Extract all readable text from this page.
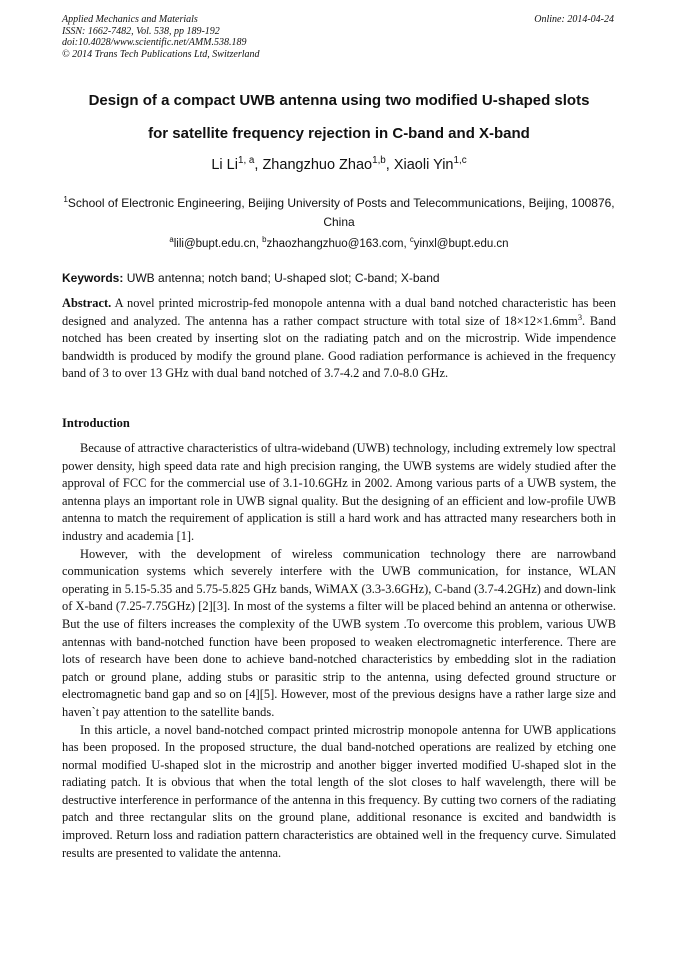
Applied Mechanics and Materials
ISSN: 1662-7482, Vol. 538, pp 189-192
doi:10.4028/www.scientific.net/AMM.538.189
© 2014 Trans Tech Publications Ltd, Switzerland
Online: 2014-04-24
Design of a compact UWB antenna using two modified U-shaped slots
for satellite frequency rejection in C-band and X-band
Li Li$^{1, a}$, Zhangzhuo Zhao$^{1,b}$, Xiaoli Yin$^{1,c}$
$^1$School of Electronic Engineering, Beijing University of Posts and Telecommunications, Beijing, 100876, China
$^a$lili@bupt.edu.cn, $^b$zhaozhangzhuo@163.com, $^c$yinxl@bupt.edu.cn
Keywords: UWB antenna; notch band; U-shaped slot; C-band; X-band

Abstract. A novel printed microstrip-fed monopole antenna with a dual band notched characteristic has been designed and analyzed. The antenna has a rather compact structure with total size of $18\times 12\times 1.6mm^3$. Band notched has been created by inserting slot on the radiating patch and on the microstrip. Wide impendence bandwidth is produced by modify the ground plane. Good radiation performance is achieved in the frequency band of 3 to over 13 GHz with dual band notched of 3.7-4.2 and 7.0-8.0 GHz.

Introduction

Because of attractive characteristics of ultra-wideband (UWB) technology, including extremely low spectral power density, high speed data rate and high precision ranging, the UWB systems are widely studied after the approval of FCC for the commercial use of 3.1-10.6GHz in 2002. Among various parts of a UWB system, the antenna plays an important role in UWB signal quality. But the designing of an efficient and low-profile UWB antenna to match the requirement of application is still a hard work and has attracted many researchers both in industry and academia [1].

However, with the development of wireless communication technology there are narrowband communication systems which severely interfere with the UWB communication, for instance, WLAN operating in 5.15-5.35 and 5.75-5.825 GHz bands, WiMAX (3.3-3.6GHz), C-band (3.7-4.2GHz) and down-link of X-band (7.25-7.75GHz) [2][3]. In most of the systems a filter will be placed behind an antenna or otherwise. But the use of filters increases the complexity of the UWB system .To overcome this problem, various UWB antennas with band-notched function have been proposed to weaken electromagnetic interference. There are lots of research have been done to achieve band-notched characteristics by embedding slot in the radiation patch or ground plane, adding stubs or parasitic strip to the antenna, using defected ground structure or electromagnetic band gap and so on [4][5]. However, most of the previous designs have a rather large size and haven`t pay attention to the satellite bands.

In this article, a novel band-notched compact printed microstrip monopole antenna for UWB applications has been proposed. In the proposed structure, the dual band-notched operations are realized by etching one normal modified U-shaped slot in the microstrip and another bigger inverted modified U-shaped slot in the radiating patch. It is obvious that when the total length of the slot closes to half wavelength, there will be destructive interference in performance of the antenna in this frequency. By cutting two corners of the radiating patch and three rectangular slits on the ground plane, additional resonance is excited and bandwidth is improved. Return loss and radiation pattern characteristics are obtained well in the frequency curve. Simulated results are presented to validate the antenna.
